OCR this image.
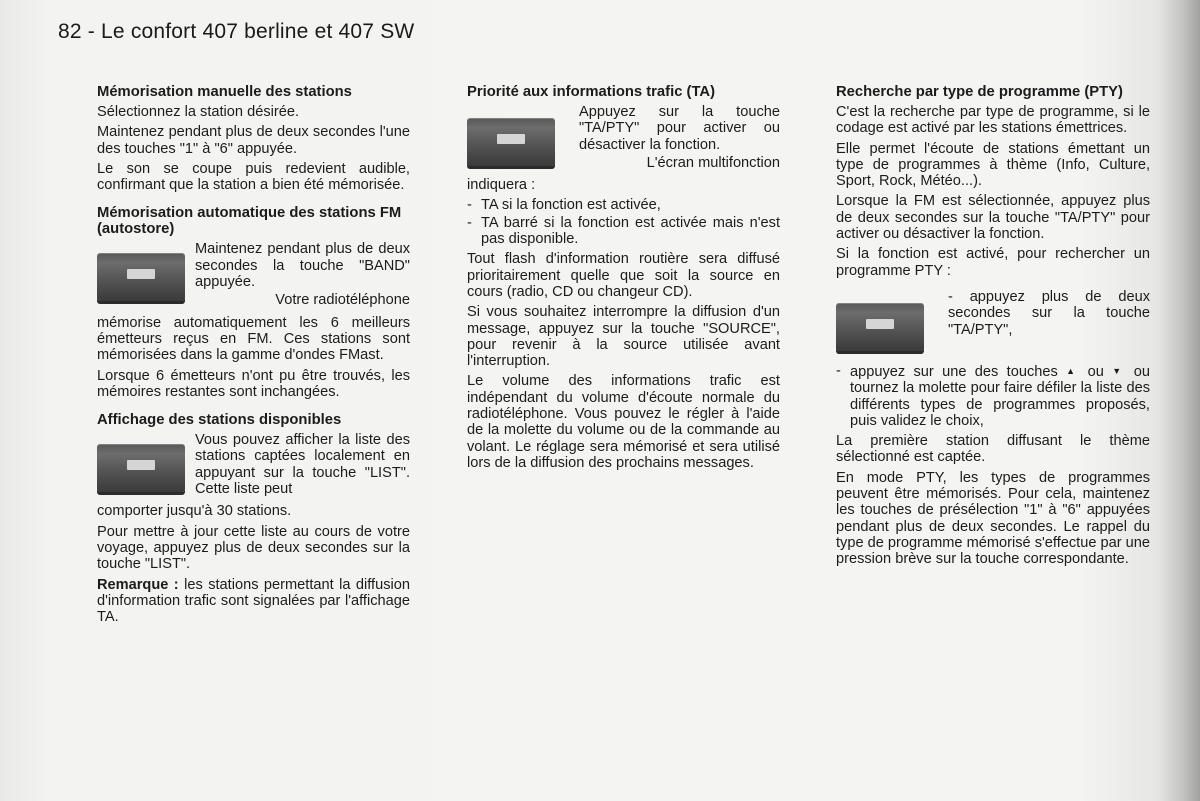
82 - Le confort 407 berline et 407 SW
Mémorisation manuelle des stations

Sélectionnez la station désirée.

Maintenez pendant plus de deux secondes l'une des touches "1" à "6" appuyée.

Le son se coupe puis redevient audible, confirmant que la station a bien été mémorisée.

Mémorisation automatique des stations FM (autostore)

Maintenez pendant plus de deux secondes la touche "BAND" appuyée.

Votre radiotéléphone

mémorise automatiquement les 6 meilleurs émetteurs reçus en FM. Ces stations sont mémorisées dans la gamme d'ondes FMast.

Lorsque 6 émetteurs n'ont pu être trouvés, les mémoires restantes sont inchangées.

Affichage des stations disponibles

Vous pouvez afficher la liste des stations captées localement en appuyant sur la touche "LIST". Cette liste peut

comporter jusqu'à 30 stations.

Pour mettre à jour cette liste au cours de votre voyage, appuyez plus de deux secondes sur la touche "LIST".

Remarque : les stations permettant la diffusion d'information trafic sont signalées par l'affichage TA.

Priorité aux informations trafic (TA)

Appuyez sur la touche "TA/PTY" pour activer ou désactiver la fonction.

L'écran multifonction

indiquera :

- TA si la fonction est activée,
- TA barré si la fonction est activée mais n'est pas disponible.

Tout flash d'information routière sera diffusé prioritairement quelle que soit la source en cours (radio, CD ou changeur CD).

Si vous souhaitez interrompre la diffusion d'un message, appuyez sur la touche "SOURCE", pour revenir à la source utilisée avant l'interruption.

Le volume des informations trafic est indépendant du volume d'écoute normale du radiotéléphone. Vous pouvez le régler à l'aide de la molette du volume ou de la commande au volant. Le réglage sera mémorisé et sera utilisé lors de la diffusion des prochains messages.

Recherche par type de programme (PTY)

C'est la recherche par type de programme, si le codage est activé par les stations émettrices.

Elle permet l'écoute de stations émettant un type de programmes à thème (Info, Culture, Sport, Rock, Météo...).

Lorsque la FM est sélectionnée, appuyez plus de deux secondes sur la touche "TA/PTY" pour activer ou désactiver la fonction.

Si la fonction est activé, pour rechercher un programme PTY :

- appuyez plus de deux secondes sur la touche "TA/PTY",

- appuyez sur une des touches ▲ ou ▼ ou tournez la molette pour faire défiler la liste des différents types de programmes proposés, puis validez le choix,

La première station diffusant le thème sélectionné est captée.

En mode PTY, les types de programmes peuvent être mémorisés. Pour cela, maintenez les touches de présélection "1" à "6" appuyées pendant plus de deux secondes. Le rappel du type de programme mémorisé s'effectue par une pression brève sur la touche correspondante.
